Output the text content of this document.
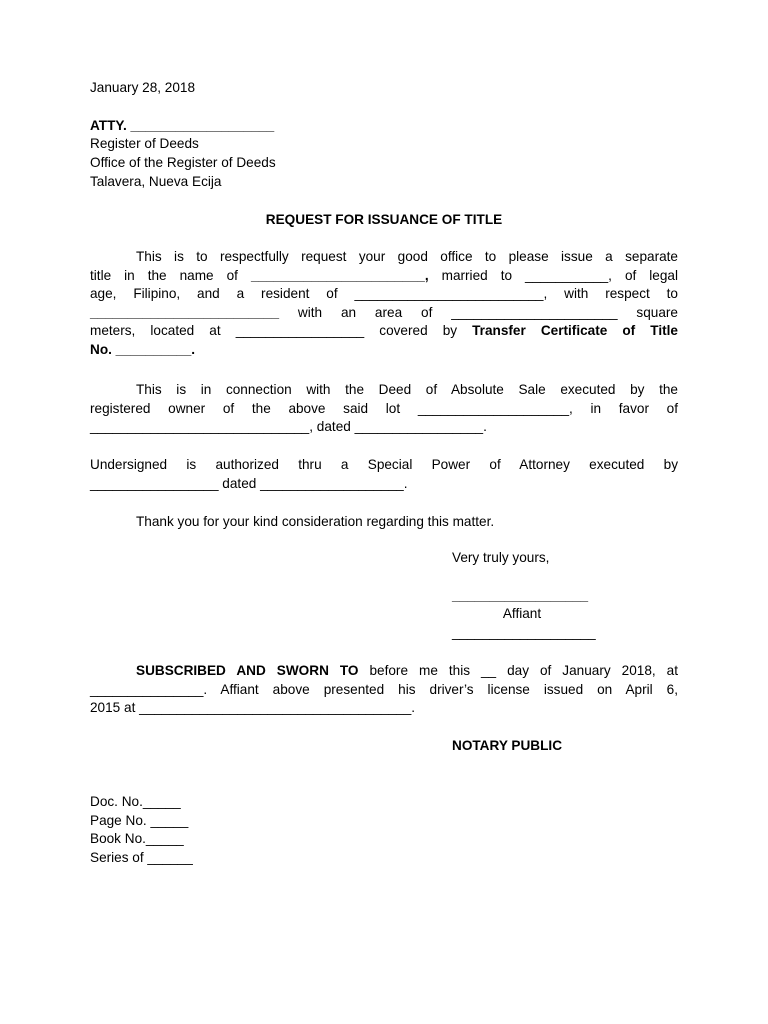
January 28, 2018
ATTY. ___________________
Register of Deeds
Office of the Register of Deeds
Talavera, Nueva Ecija
REQUEST FOR ISSUANCE OF TITLE
This is to respectfully request your good office to please issue a separate
title in the name of _______________________, married to ___________, of legal
age, Filipino, and a resident of _________________________, with respect to
_________________________ with an area of ______________________ square
meters, located at _________________ covered by Transfer Certificate of Title
No. __________.
This is in connection with the Deed of Absolute Sale executed by the
registered owner of the above said lot ____________________, in favor of
_____________________________, dated _________________.
Undersigned is authorized thru a Special Power of Attorney executed by
_________________ dated ___________________.
Thank you for your kind consideration regarding this matter.
Very truly yours,
__________________
Affiant
___________________
SUBSCRIBED AND SWORN TO before me this __ day of January 2018, at
_______________. Affiant above presented his driver’s license issued on April 6,
2015 at ____________________________________.
NOTARY PUBLIC
Doc. No._____
Page No. _____
Book No._____
Series of ______
